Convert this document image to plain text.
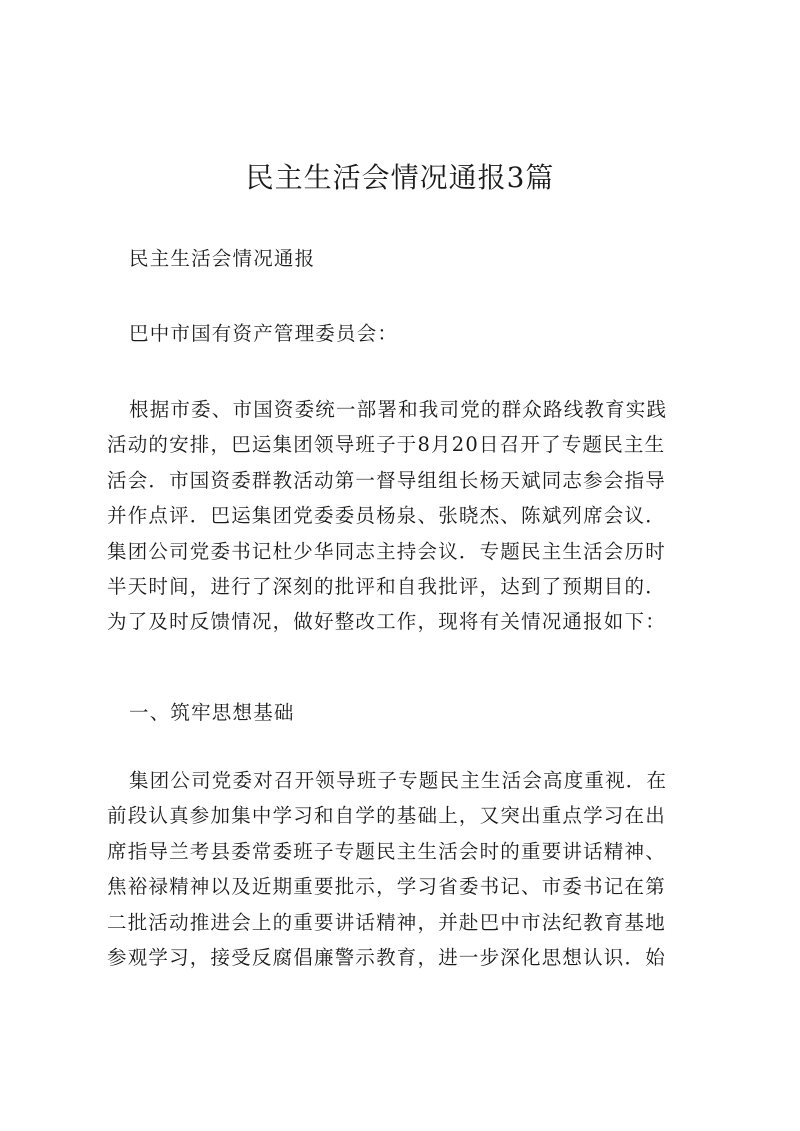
民主生活会情况通报3篇

民主生活会情况通报

巴中市国有资产管理委员会：

根据市委、市国资委统一部署和我司党的群众路线教育实践
活动的安排，巴运集团领导班子于8月20日召开了专题民主生
活会．市国资委群教活动第一督导组组长杨天斌同志参会指导
并作点评．巴运集团党委委员杨泉、张晓杰、陈斌列席会议．
集团公司党委书记杜少华同志主持会议．专题民主生活会历时
半天时间，进行了深刻的批评和自我批评，达到了预期目的．
为了及时反馈情况，做好整改工作，现将有关情况通报如下：

一、筑牢思想基础

集团公司党委对召开领导班子专题民主生活会高度重视．在
前段认真参加集中学习和自学的基础上，又突出重点学习在出
席指导兰考县委常委班子专题民主生活会时的重要讲话精神、
焦裕禄精神以及近期重要批示，学习省委书记、市委书记在第
二批活动推进会上的重要讲话精神，并赴巴中市法纪教育基地
参观学习，接受反腐倡廉警示教育，进一步深化思想认识．始
